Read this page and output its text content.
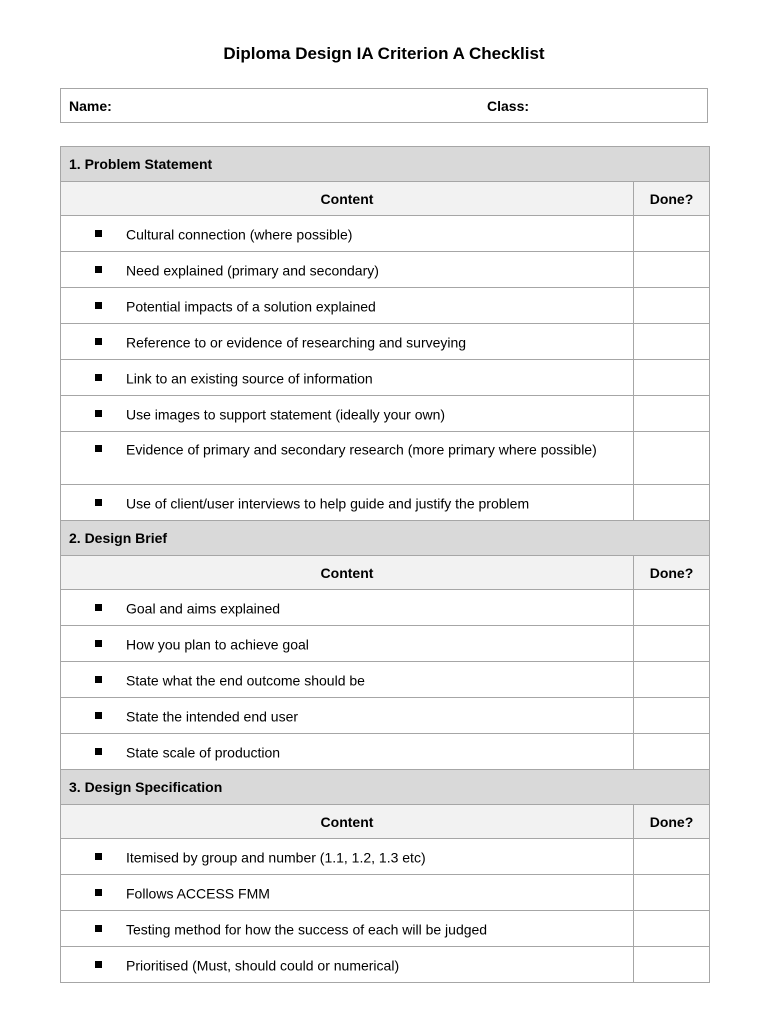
Diploma Design IA Criterion A Checklist
Name:	Class:
1. Problem Statement	
Content	Done?
Cultural connection (where possible)	
Need explained (primary and secondary)	
Potential impacts of a solution explained	
Reference to or evidence of researching and surveying	
Link to an existing source of information	
Use images to support statement (ideally your own)	
Evidence of primary and secondary research (more primary where possible)	
Use of client/user interviews to help guide and justify the problem	
2. Design Brief	
Content	Done?
Goal and aims explained	
How you plan to achieve goal	
State what the end outcome should be	
State the intended end user	
State scale of production	
3. Design Specification	
Content	Done?
Itemised by group and number (1.1, 1.2, 1.3 etc)	
Follows ACCESS FMM	
Testing method for how the success of each will be judged	
Prioritised (Must, should could or numerical)	
